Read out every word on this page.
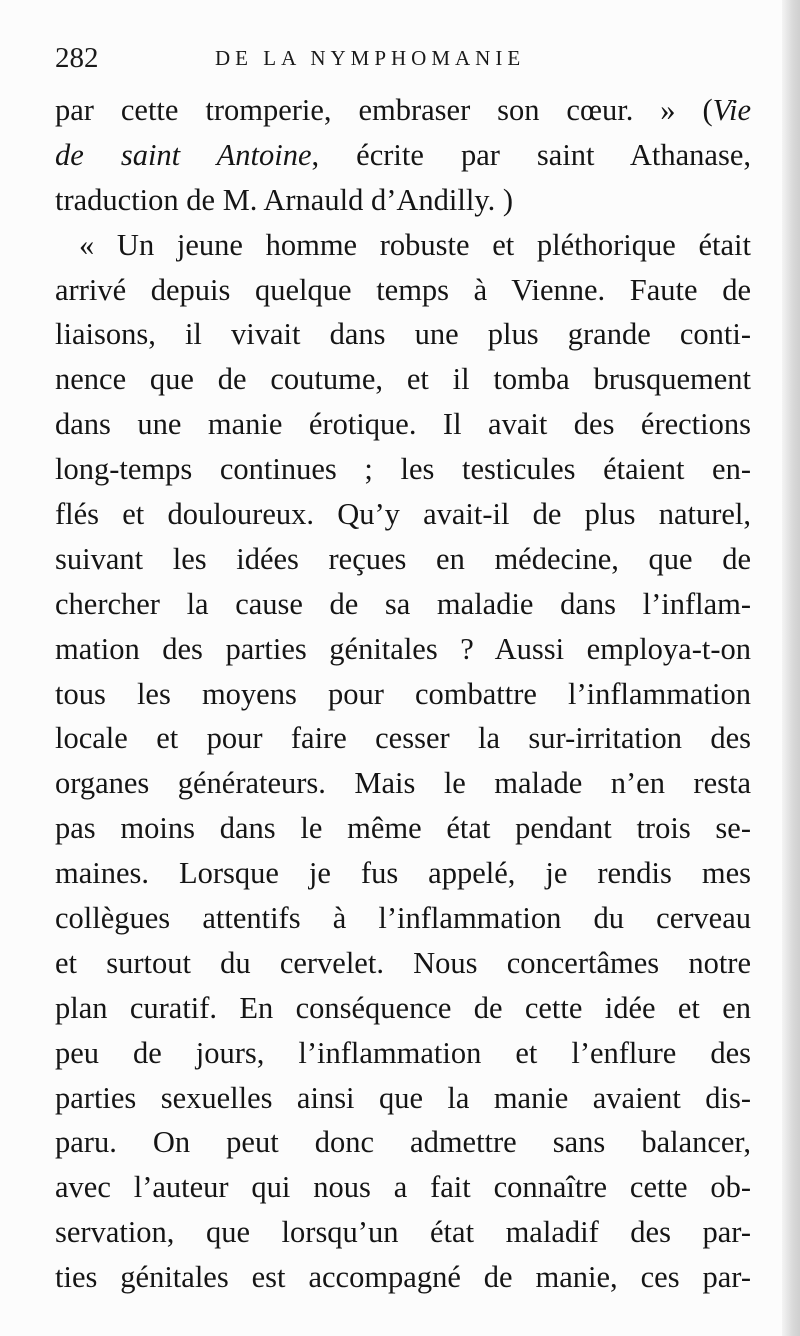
282	DE LA NYMPHOMANIE
par cette tromperie, embraser son cœur. » (Vie
de saint Antoine, écrite par saint Athanase,
traduction de M. Arnauld d’Andilly. )
« Un jeune homme robuste et pléthorique était
arrivé depuis quelque temps à Vienne. Faute de
liaisons, il vivait dans une plus grande conti-
nence que de coutume, et il tomba brusquement
dans une manie érotique. Il avait des érections
long-temps continues ; les testicules étaient en-
flés et douloureux. Qu’y avait-il de plus naturel,
suivant les idées reçues en médecine, que de
chercher la cause de sa maladie dans l’inflam-
mation des parties génitales ? Aussi employa-t-on
tous les moyens pour combattre l’inflammation
locale et pour faire cesser la sur-irritation des
organes générateurs. Mais le malade n’en resta
pas moins dans le même état pendant trois se-
maines. Lorsque je fus appelé, je rendis mes
collègues attentifs à l’inflammation du cerveau
et surtout du cervelet. Nous concertâmes notre
plan curatif. En conséquence de cette idée et en
peu de jours, l’inflammation et l’enflure des
parties sexuelles ainsi que la manie avaient dis-
paru. On peut donc admettre sans balancer,
avec l’auteur qui nous a fait connaître cette ob-
servation, que lorsqu’un état maladif des par-
ties génitales est accompagné de manie, ces par-
